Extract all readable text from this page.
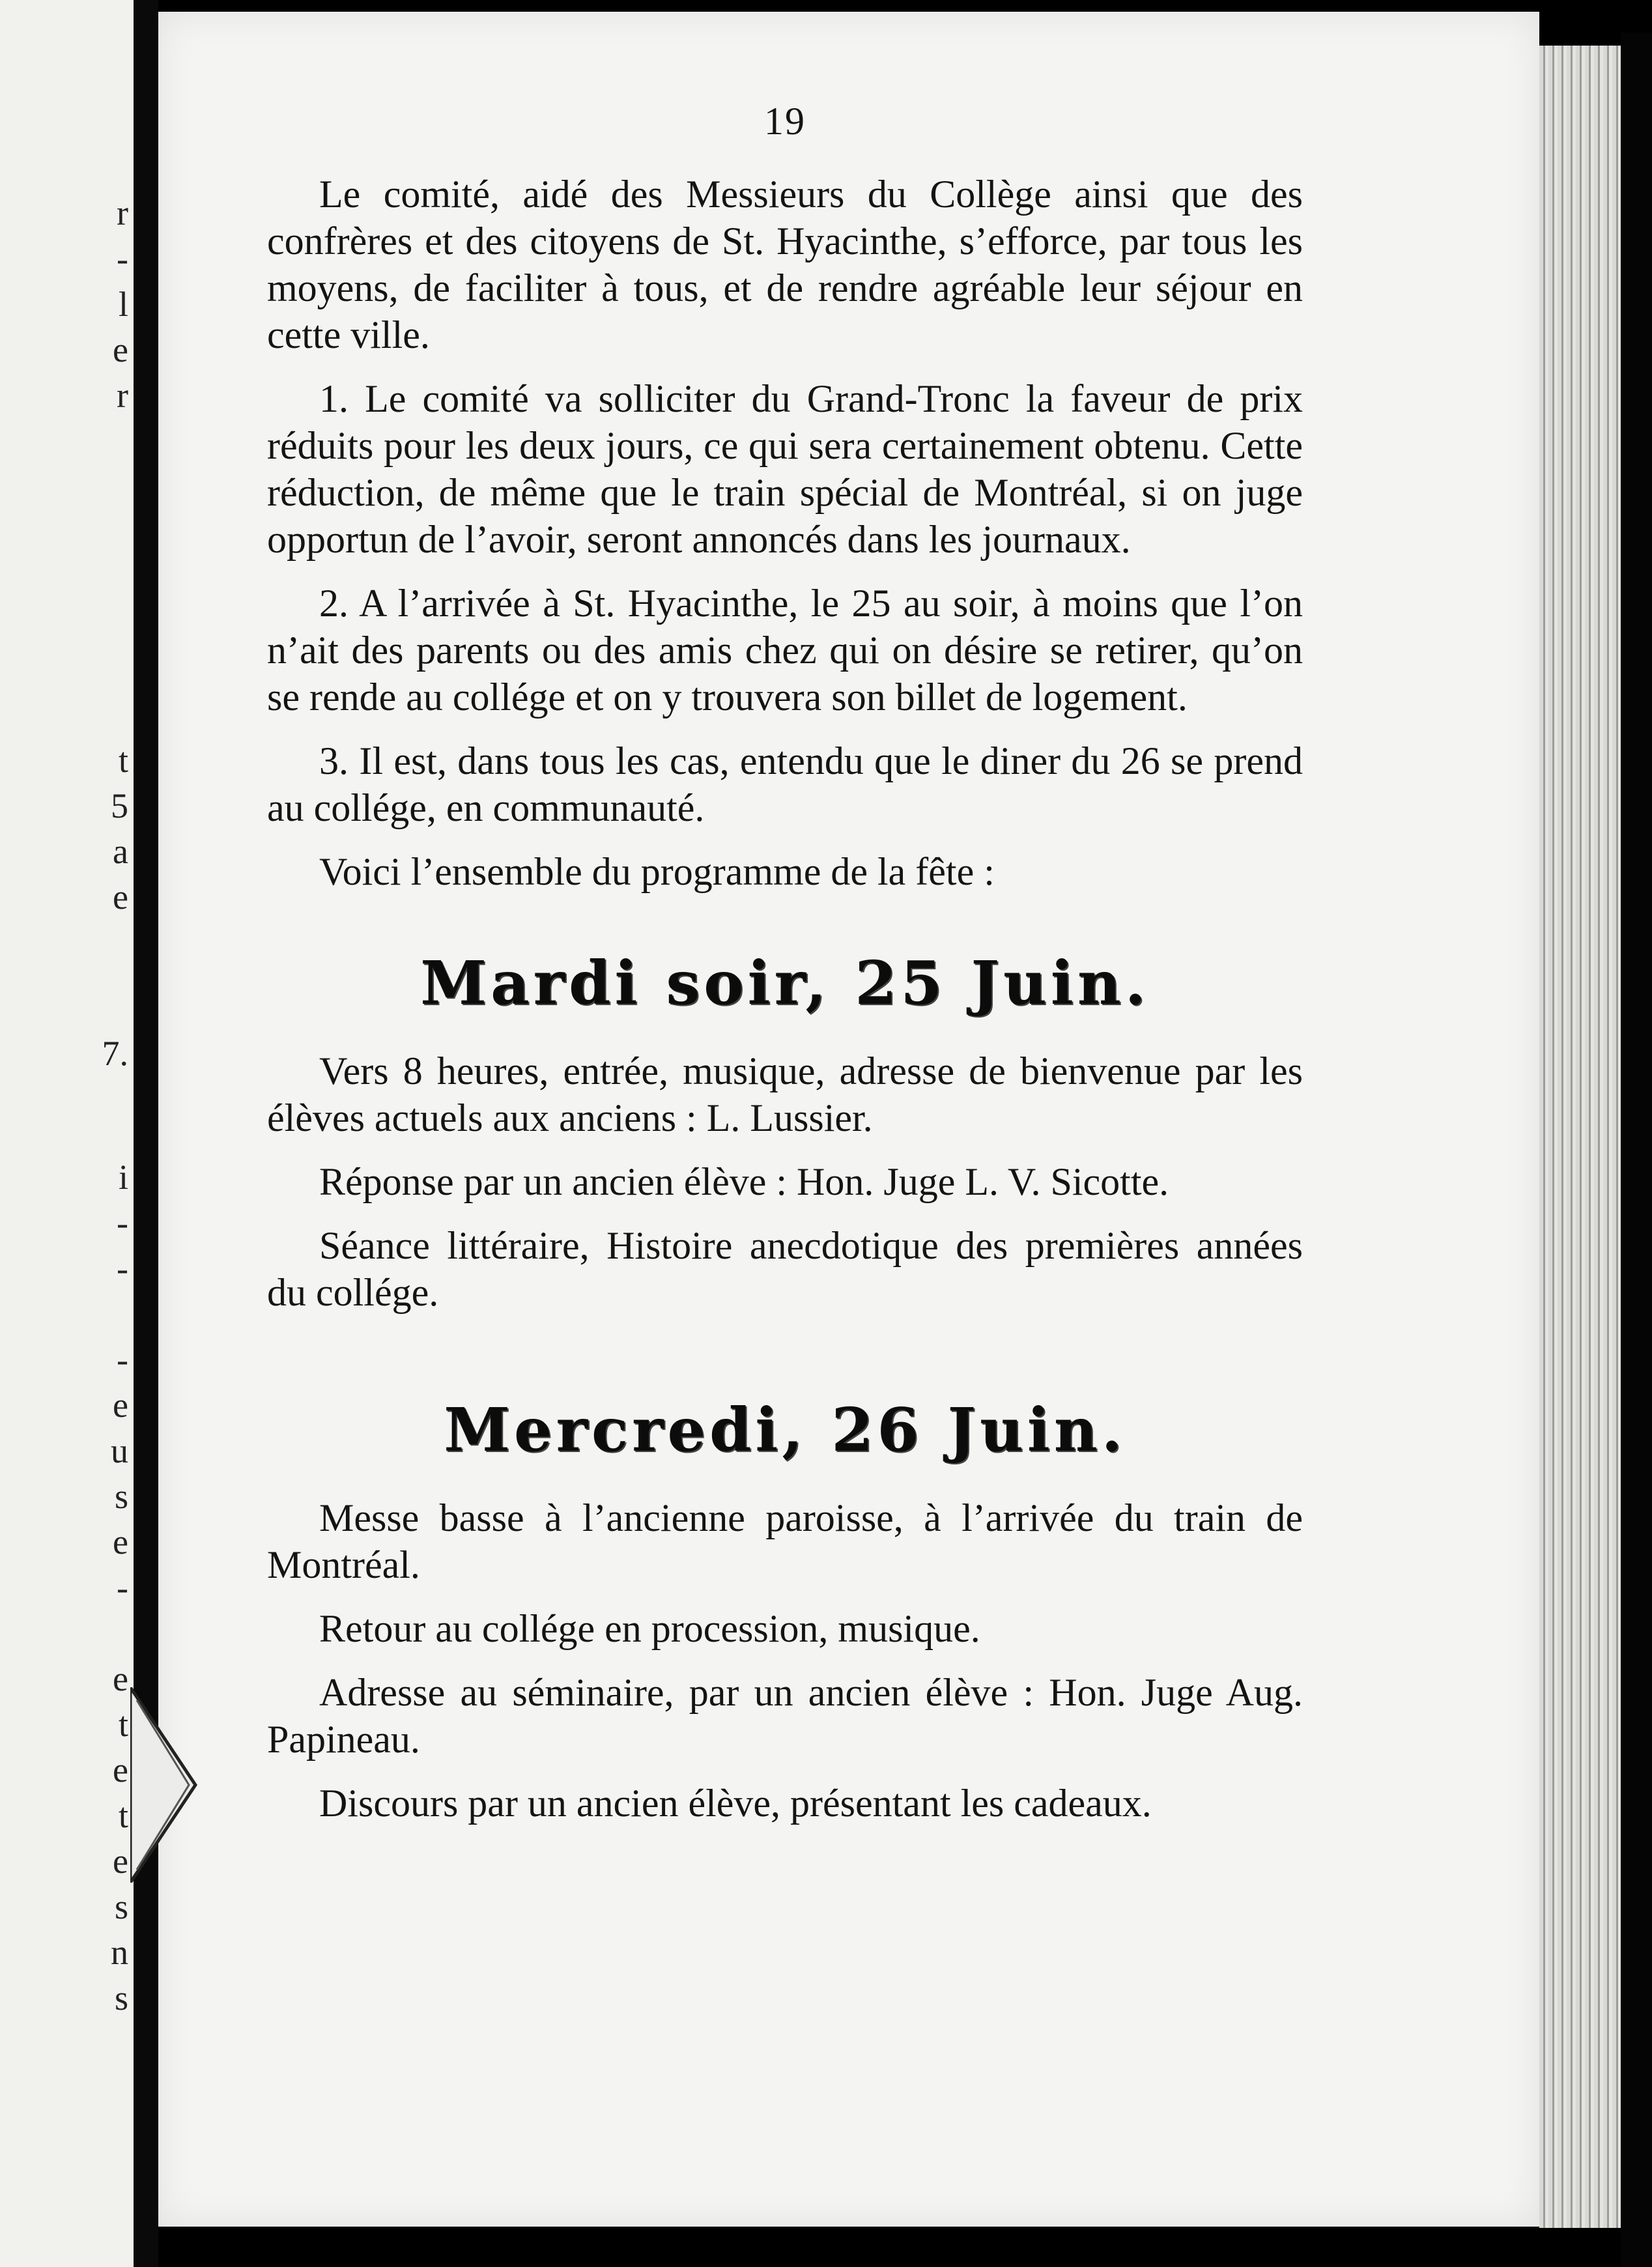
r
-
l
e
r
t
5
a
e
7.
i
-
-
-
e
u
s
e
-
e
t
e
t
e
s
n
s
19

Le comité, aidé des Messieurs du Collège ainsi que des confrères et des citoyens de St. Hyacinthe, s’efforce, par tous les moyens, de faciliter à tous, et de rendre agréable leur séjour en cette ville.

1. Le comité va solliciter du Grand-Tronc la faveur de prix réduits pour les deux jours, ce qui sera certainement obtenu. Cette réduction, de même que le train spécial de Montréal, si on juge opportun de l’avoir, seront annoncés dans les journaux.

2. A l’arrivée à St. Hyacinthe, le 25 au soir, à moins que l’on n’ait des parents ou des amis chez qui on désire se retirer, qu’on se rende au collége et on y trouvera son billet de logement.

3. Il est, dans tous les cas, entendu que le diner du 26 se prend au collége, en communauté.

Voici l’ensemble du programme de la fête :

Mardi soir, 25 Juin.

Vers 8 heures, entrée, musique, adresse de bienvenue par les élèves actuels aux anciens : L. Lussier.

Réponse par un ancien élève : Hon. Juge L. V. Sicotte.

Séance littéraire, Histoire anecdotique des premières années du collége.

Mercredi, 26 Juin.

Messe basse à l’ancienne paroisse, à l’arrivée du train de Montréal.

Retour au collége en procession, musique.

Adresse au séminaire, par un ancien élève : Hon. Juge Aug. Papineau.

Discours par un ancien élève, présentant les cadeaux.
